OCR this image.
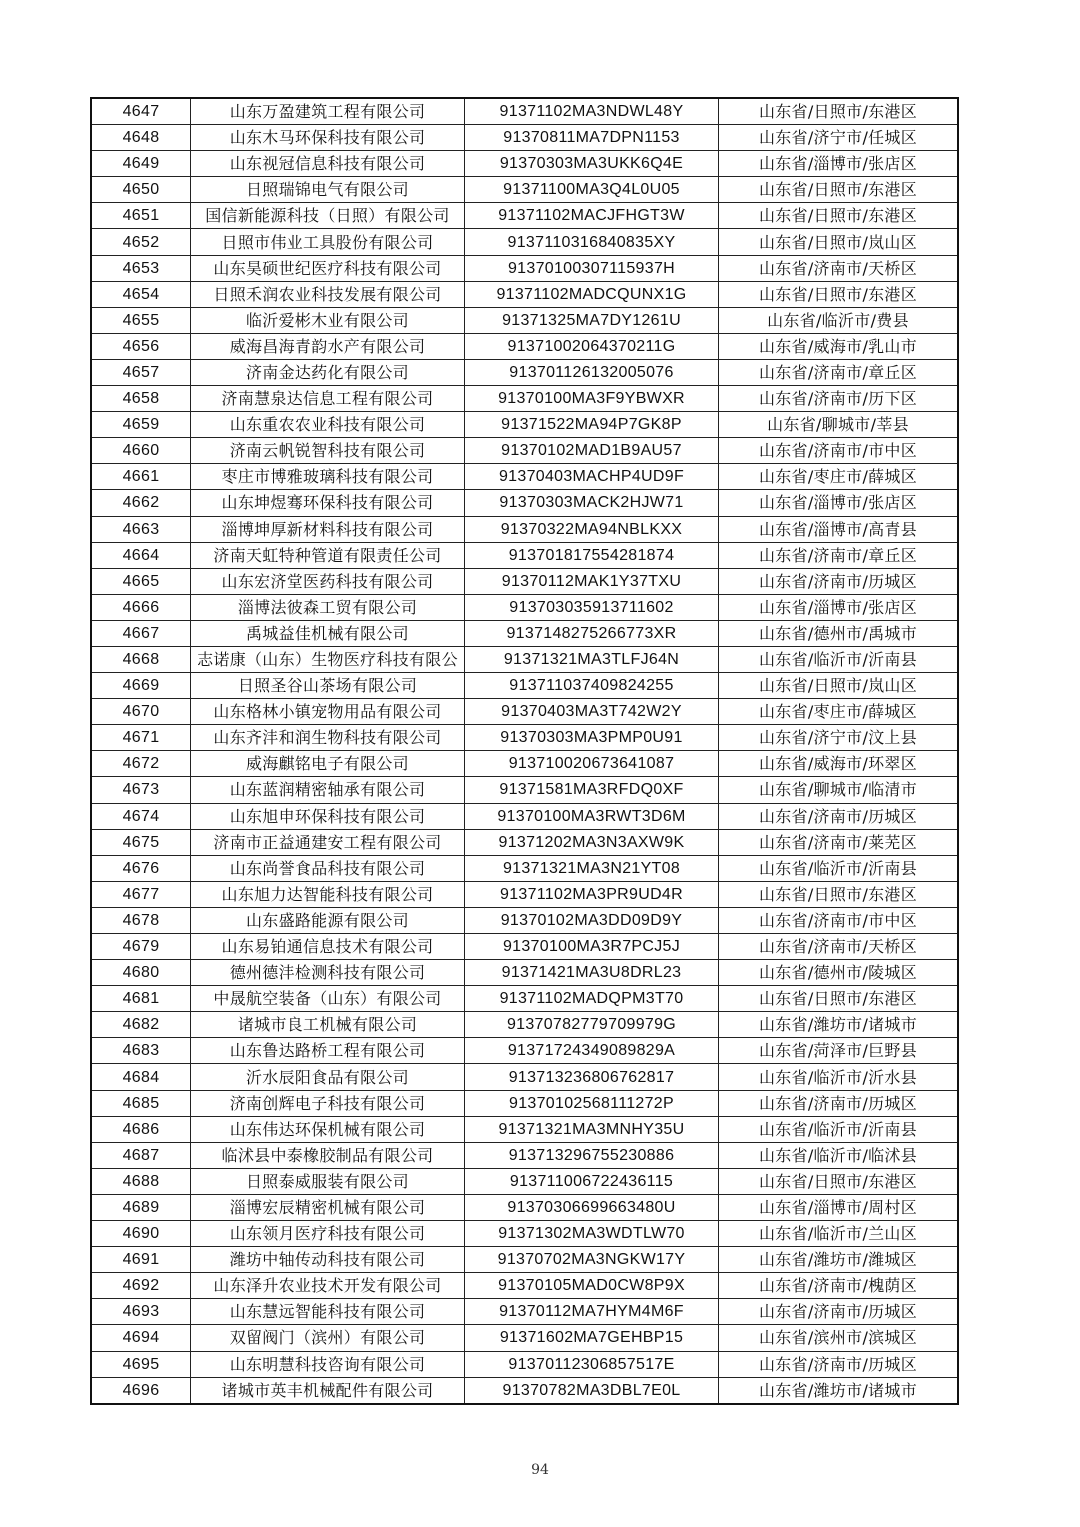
4647	山东万盈建筑工程有限公司	91371102MA3NDWL48Y	山东省/日照市/东港区
4648	山东木马环保科技有限公司	91370811MA7DPN1153	山东省/济宁市/任城区
4649	山东视冠信息科技有限公司	91370303MA3UKK6Q4E	山东省/淄博市/张店区
4650	日照瑞锦电气有限公司	91371100MA3Q4L0U05	山东省/日照市/东港区
4651	国信新能源科技（日照）有限公司	91371102MACJFHGT3W	山东省/日照市/东港区
4652	日照市伟业工具股份有限公司	9137110316840835XY	山东省/日照市/岚山区
4653	山东昊硕世纪医疗科技有限公司	91370100307115937H	山东省/济南市/天桥区
4654	日照禾润农业科技发展有限公司	91371102MADCQUNX1G	山东省/日照市/东港区
4655	临沂爱彬木业有限公司	91371325MA7DY1261U	山东省/临沂市/费县
4656	威海昌海青韵水产有限公司	91371002064370211G	山东省/威海市/乳山市
4657	济南金达药化有限公司	913701126132005076	山东省/济南市/章丘区
4658	济南慧泉达信息工程有限公司	91370100MA3F9YBWXR	山东省/济南市/历下区
4659	山东重农农业科技有限公司	91371522MA94P7GK8P	山东省/聊城市/莘县
4660	济南云帆锐智科技有限公司	91370102MAD1B9AU57	山东省/济南市/市中区
4661	枣庄市博雅玻璃科技有限公司	91370403MACHP4UD9F	山东省/枣庄市/薛城区
4662	山东坤煜骞环保科技有限公司	91370303MACK2HJW71	山东省/淄博市/张店区
4663	淄博坤厚新材料科技有限公司	91370322MA94NBLKXX	山东省/淄博市/高青县
4664	济南天虹特种管道有限责任公司	913701817554281874	山东省/济南市/章丘区
4665	山东宏济堂医药科技有限公司	91370112MAK1Y37TXU	山东省/济南市/历城区
4666	淄博法彼森工贸有限公司	913703035913711602	山东省/淄博市/张店区
4667	禹城益佳机械有限公司	9137148275266773XR	山东省/德州市/禹城市
4668	志诺康（山东）生物医疗科技有限公	91371321MA3TLFJ64N	山东省/临沂市/沂南县
4669	日照圣谷山茶场有限公司	913711037409824255	山东省/日照市/岚山区
4670	山东格林小镇宠物用品有限公司	91370403MA3T742W2Y	山东省/枣庄市/薛城区
4671	山东齐沣和润生物科技有限公司	91370303MA3PMP0U91	山东省/济宁市/汶上县
4672	威海麒铭电子有限公司	913710020673641087	山东省/威海市/环翠区
4673	山东蓝润精密轴承有限公司	91371581MA3RFDQ0XF	山东省/聊城市/临清市
4674	山东旭申环保科技有限公司	91370100MA3RWT3D6M	山东省/济南市/历城区
4675	济南市正益通建安工程有限公司	91371202MA3N3AXW9K	山东省/济南市/莱芜区
4676	山东尚誉食品科技有限公司	91371321MA3N21YT08	山东省/临沂市/沂南县
4677	山东旭力达智能科技有限公司	91371102MA3PR9UD4R	山东省/日照市/东港区
4678	山东盛路能源有限公司	91370102MA3DD09D9Y	山东省/济南市/市中区
4679	山东易铂通信息技术有限公司	91370100MA3R7PCJ5J	山东省/济南市/天桥区
4680	德州德沣检测科技有限公司	91371421MA3U8DRL23	山东省/德州市/陵城区
4681	中晟航空装备（山东）有限公司	91371102MADQPM3T70	山东省/日照市/东港区
4682	诸城市良工机械有限公司	91370782779709979G	山东省/潍坊市/诸城市
4683	山东鲁达路桥工程有限公司	91371724349089829A	山东省/菏泽市/巨野县
4684	沂水辰阳食品有限公司	913713236806762817	山东省/临沂市/沂水县
4685	济南创辉电子科技有限公司	91370102568111272P	山东省/济南市/历城区
4686	山东伟达环保机械有限公司	91371321MA3MNHY35U	山东省/临沂市/沂南县
4687	临沭县中泰橡胶制品有限公司	913713296755230886	山东省/临沂市/临沭县
4688	日照泰威服装有限公司	913711006722436115	山东省/日照市/东港区
4689	淄博宏辰精密机械有限公司	91370306699663480U	山东省/淄博市/周村区
4690	山东领月医疗科技有限公司	91371302MA3WDTLW70	山东省/临沂市/兰山区
4691	潍坊中轴传动科技有限公司	91370702MA3NGKW17Y	山东省/潍坊市/潍城区
4692	山东泽升农业技术开发有限公司	91370105MAD0CW8P9X	山东省/济南市/槐荫区
4693	山东慧远智能科技有限公司	91370112MA7HYM4M6F	山东省/济南市/历城区
4694	双留阀门（滨州）有限公司	91371602MA7GEHBP15	山东省/滨州市/滨城区
4695	山东明慧科技咨询有限公司	91370112306857517E	山东省/济南市/历城区
4696	诸城市英丰机械配件有限公司	91370782MA3DBL7E0L	山东省/潍坊市/诸城市
94
